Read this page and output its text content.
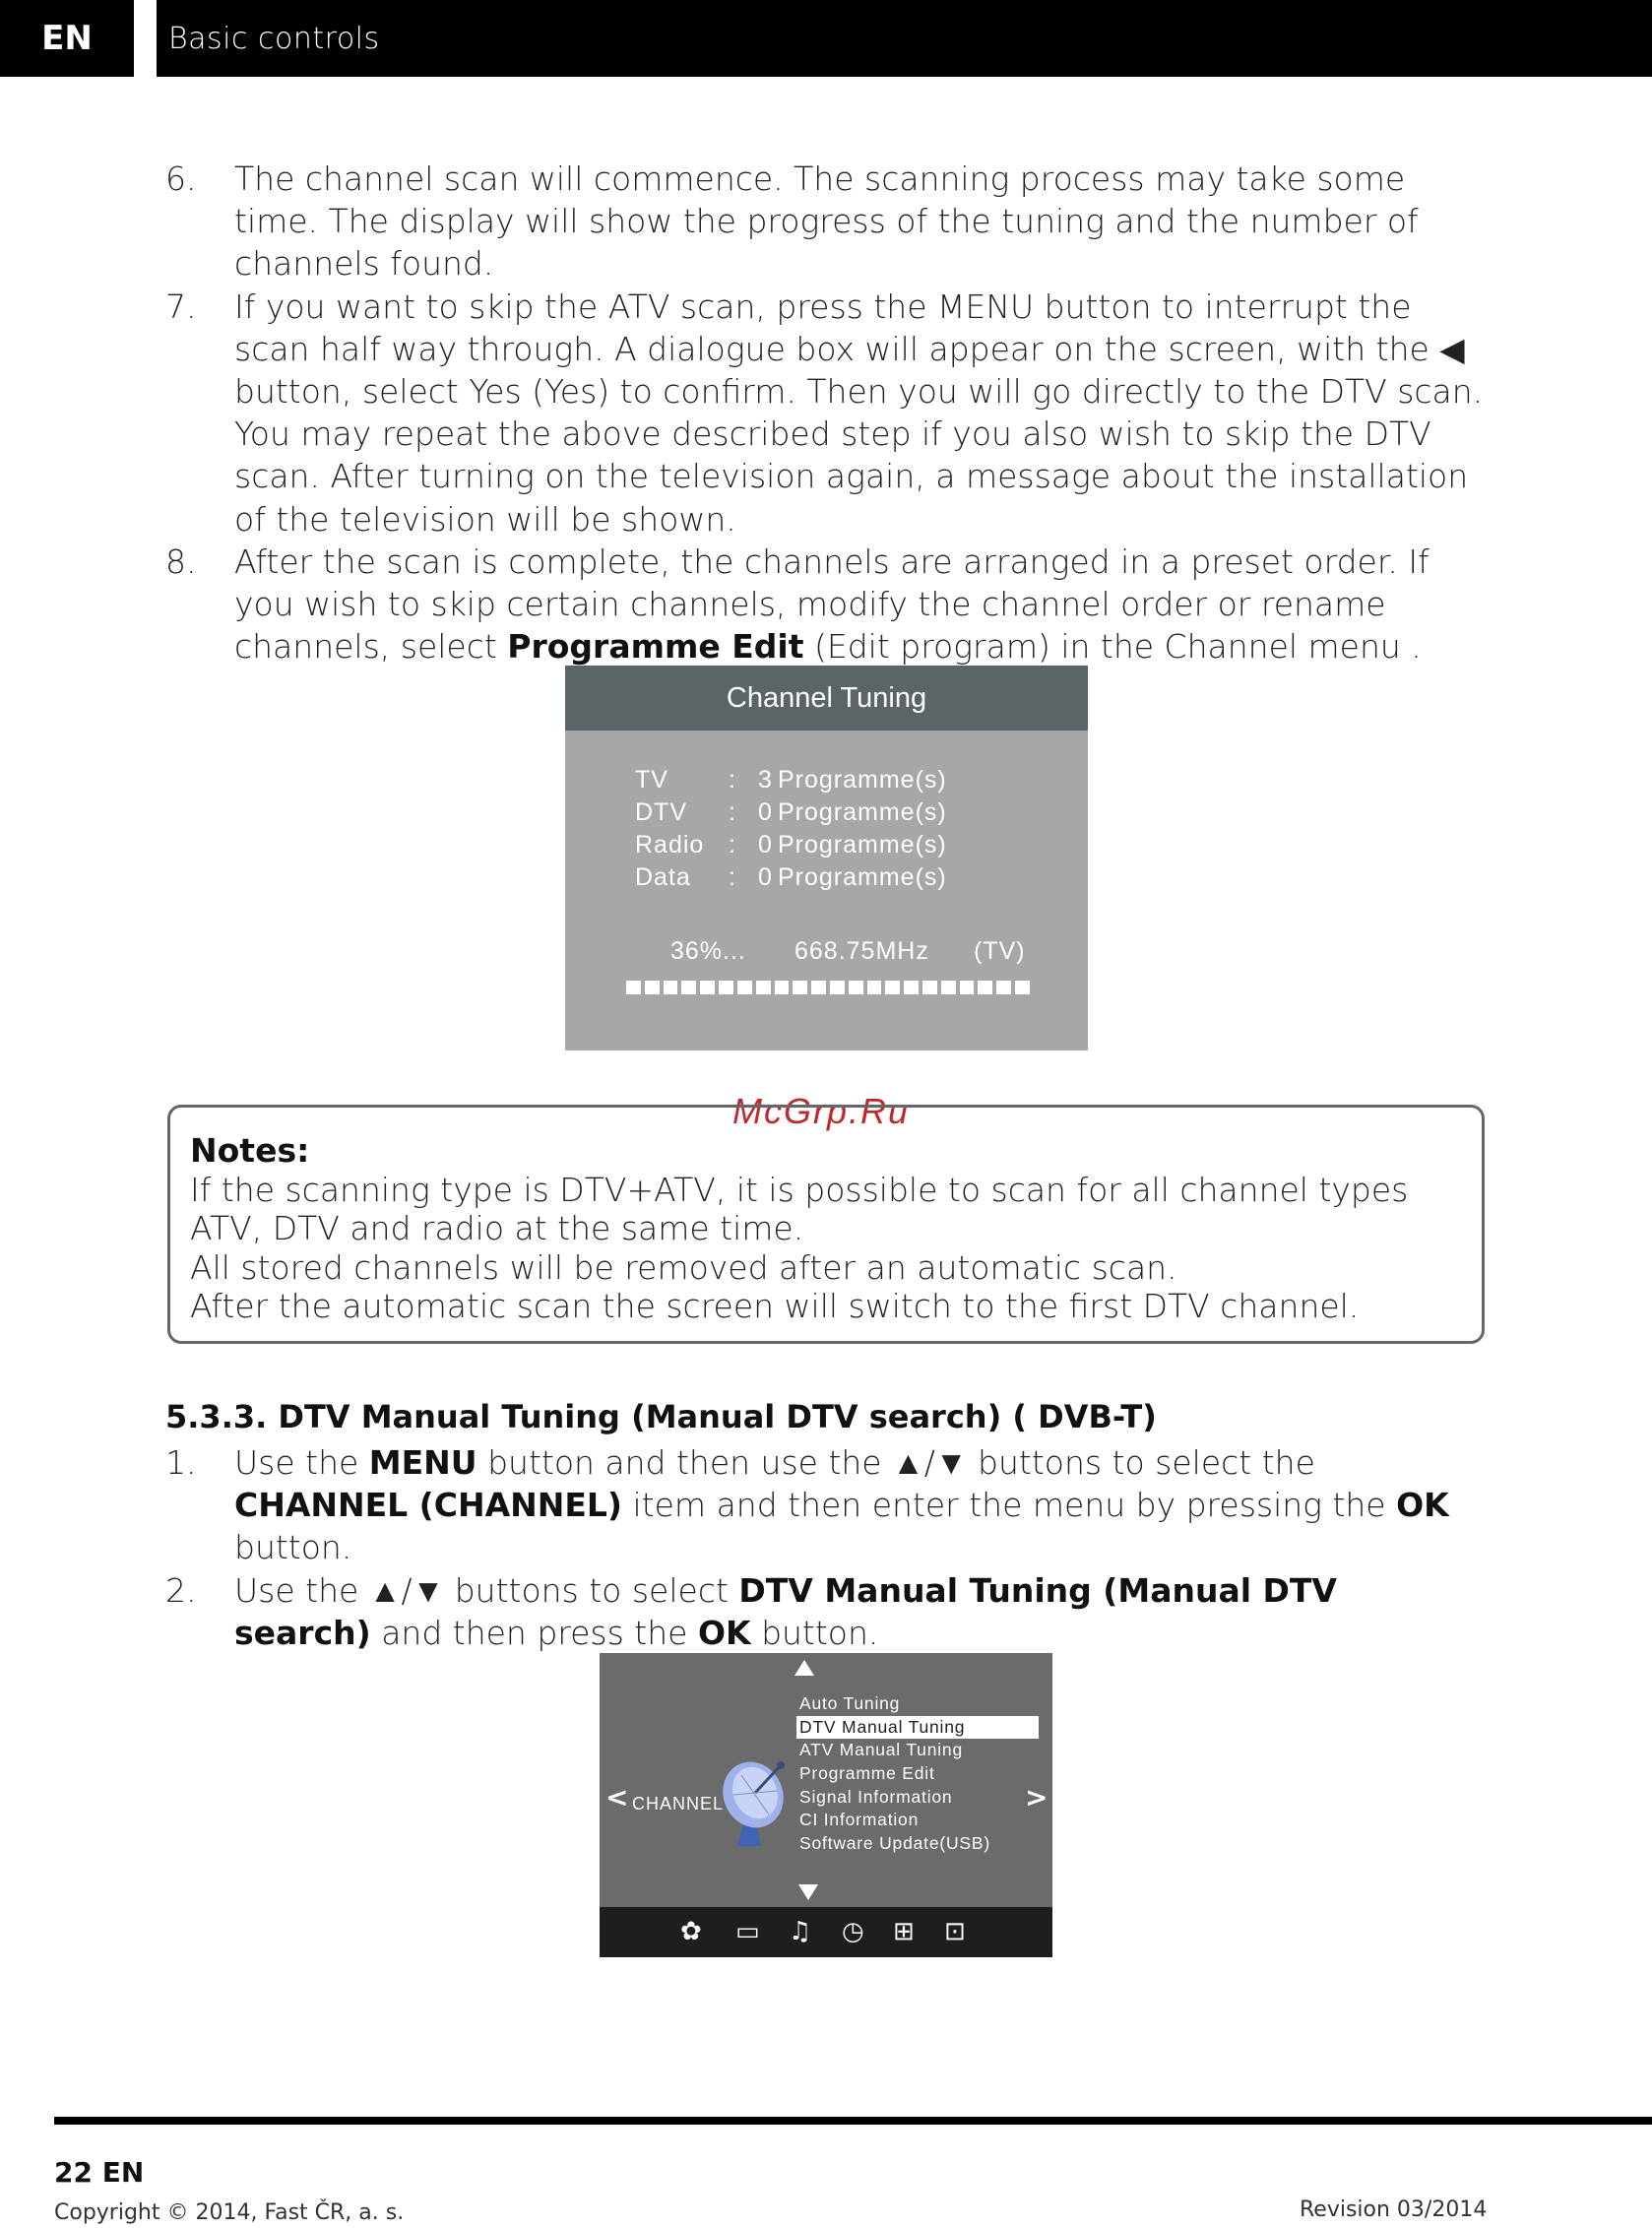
EN	Basic controls
6.	The channel scan will commence. The scanning process may take some time. The display will show the progress of the tuning and the number of channels found.
7.	If you want to skip the ATV scan, press the MENU button to interrupt the scan half way through. A dialogue box will appear on the screen, with the ◀ button, select Yes (Yes) to confirm. Then you will go directly to the DTV scan. You may repeat the above described step if you also wish to skip the DTV scan. After turning on the television again, a message about the installation of the television will be shown.
8.	After the scan is complete, the channels are arranged in a preset order. If you wish to skip certain channels, modify the channel order or rename channels, select Programme Edit (Edit program) in the Channel menu .
Channel Tuning
TV : 3 Programme(s)
DTV : 0 Programme(s)
Radio : 0 Programme(s)
Data : 0 Programme(s)
36%... 668.75MHz (TV)
McGrp.Ru
Notes:
If the scanning type is DTV+ATV, it is possible to scan for all channel types ATV, DTV and radio at the same time.
All stored channels will be removed after an automatic scan.
After the automatic scan the screen will switch to the first DTV channel.
5.3.3. DTV Manual Tuning (Manual DTV search) ( DVB-T)
1.	Use the MENU button and then use the ▲/▼ buttons to select the CHANNEL (CHANNEL) item and then enter the menu by pressing the OK button.
2.	Use the ▲/▼ buttons to select DTV Manual Tuning (Manual DTV search) and then press the OK button.
< CHANNEL
Auto Tuning
DTV Manual Tuning
ATV Manual Tuning
Programme Edit
Signal Information
CI Information
Software Update(USB)
>
✿ ▭ ♫ ◷ ⊞ ⊡
22 EN
Copyright © 2014, Fast ČR, a. s.	Revision 03/2014
